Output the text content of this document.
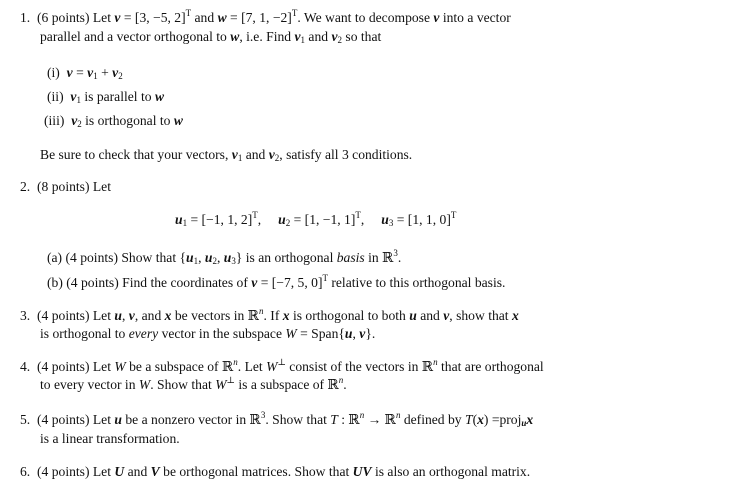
1. (6 points) Let v = [3, −5, 2]$^T$ and w = [7, 1, −2]$^T$. We want to decompose v into a vector
parallel and a vector orthogonal to w, i.e. Find $v_1$ and $v_2$ so that
(i) $v = v_1 + v_2$
(ii) $v_1$ is parallel to w
(iii) $v_2$ is orthogonal to w
Be sure to check that your vectors, $v_1$ and $v_2$, satisfy all 3 conditions.
2. (8 points) Let
$u_1 = [-1$, 1, 2]$^T$, $u_2 = [1$, −1, 1]$^T$, $u_3 = [1$, 1, 0]$^T$
(a) (4 points) Show that {$u_1$, $u_2$, $u_3$} is an orthogonal basis in ℝ$^3$.
(b) (4 points) Find the coordinates of v = [−7, 5, 0]$^T$ relative to this orthogonal basis.
3. (4 points) Let u, v, and x be vectors in ℝ$^n$. If x is orthogonal to both u and v, show that x
is orthogonal to every vector in the subspace W = Span{u, v}.
4. (4 points) Let W be a subspace of ℝ$^n$. Let W⊥ consist of the vectors in ℝ$^n$ that are orthogonal
to every vector in W. Show that W⊥ is a subspace of ℝ$^n$.
5. (4 points) Let u be a nonzero vector in ℝ$^3$. Show that T : ℝ$^n$ → ℝ$^n$ defined by T(x) =proj$_u$x
is a linear transformation.
6. (4 points) Let U and V be orthogonal matrices. Show that UV is also an orthogonal matrix.
